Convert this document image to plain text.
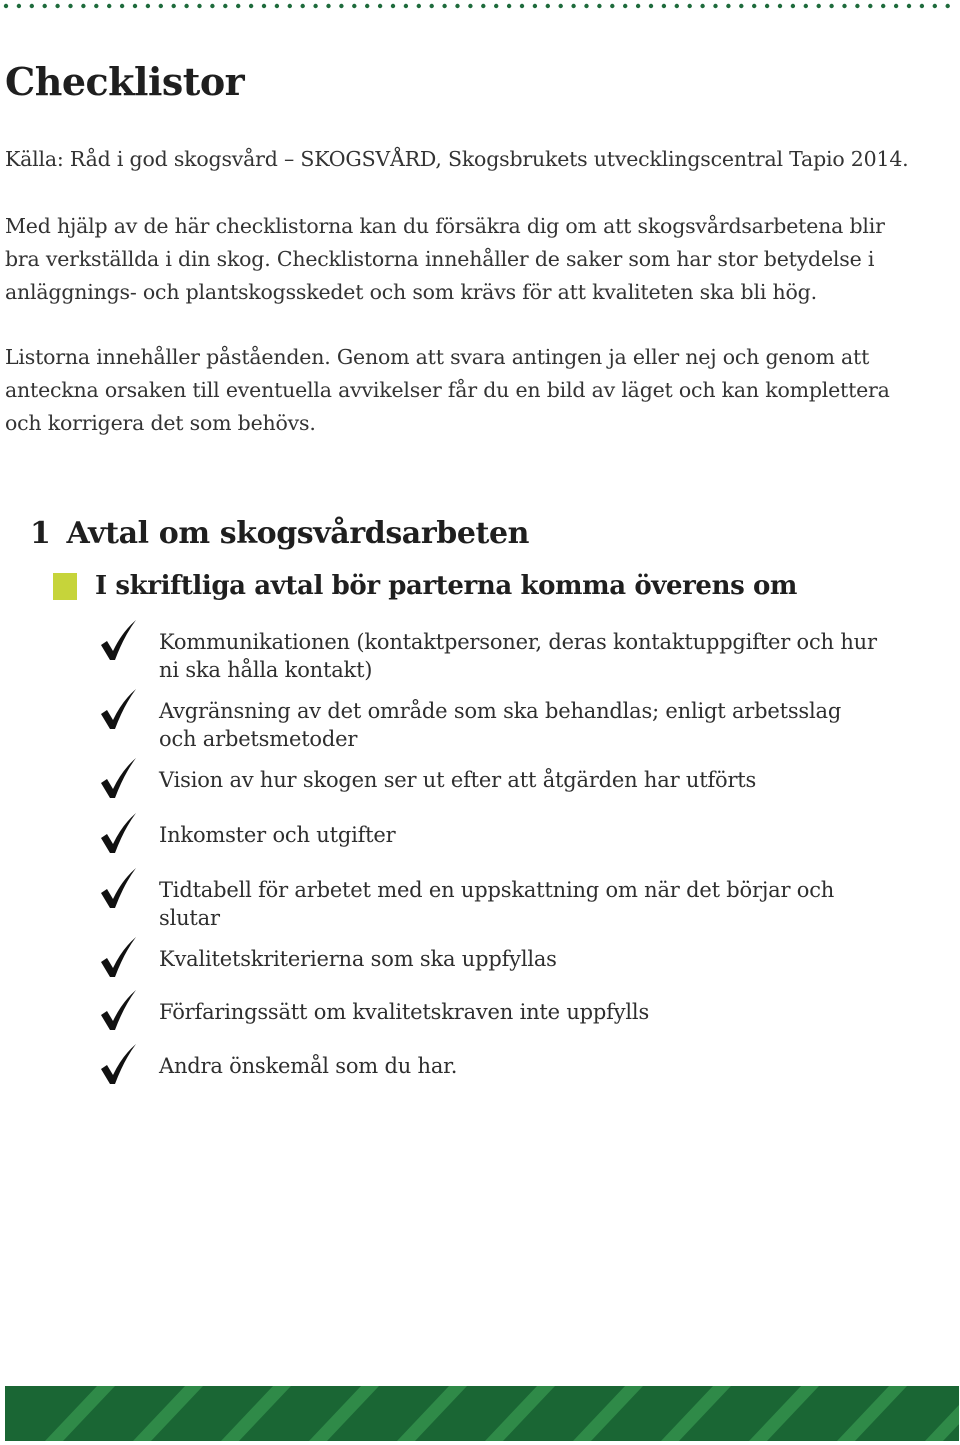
Checklistor

Källa: Råd i god skogsvård – SKOGSVÅRD, Skogsbrukets utvecklingscentral Tapio 2014.

Med hjälp av de här checklistorna kan du försäkra dig om att skogsvårdsarbetena blir

bra verkställda i din skog. Checklistorna innehåller de saker som har stor betydelse i

anläggnings- och plantskogsskedet och som krävs för att kvaliteten ska bli hög.

Listorna innehåller påståenden. Genom att svara antingen ja eller nej och genom att

anteckna orsaken till eventuella avvikelser får du en bild av läget och kan komplettera

och korrigera det som behövs.

1 Avtal om skogsvårdsarbeten
I skriftliga avtal bör parterna komma överens om
Kommunikationen (kontaktpersoner, deras kontaktuppgifter och hur
ni ska hålla kontakt)
Avgränsning av det område som ska behandlas; enligt arbetsslag
och arbetsmetoder
Vision av hur skogen ser ut efter att åtgärden har utförts
Inkomster och utgifter
Tidtabell för arbetet med en uppskattning om när det börjar och
slutar
Kvalitetskriterierna som ska uppfyllas
Förfaringssätt om kvalitetskraven inte uppfylls
Andra önskemål som du har.
